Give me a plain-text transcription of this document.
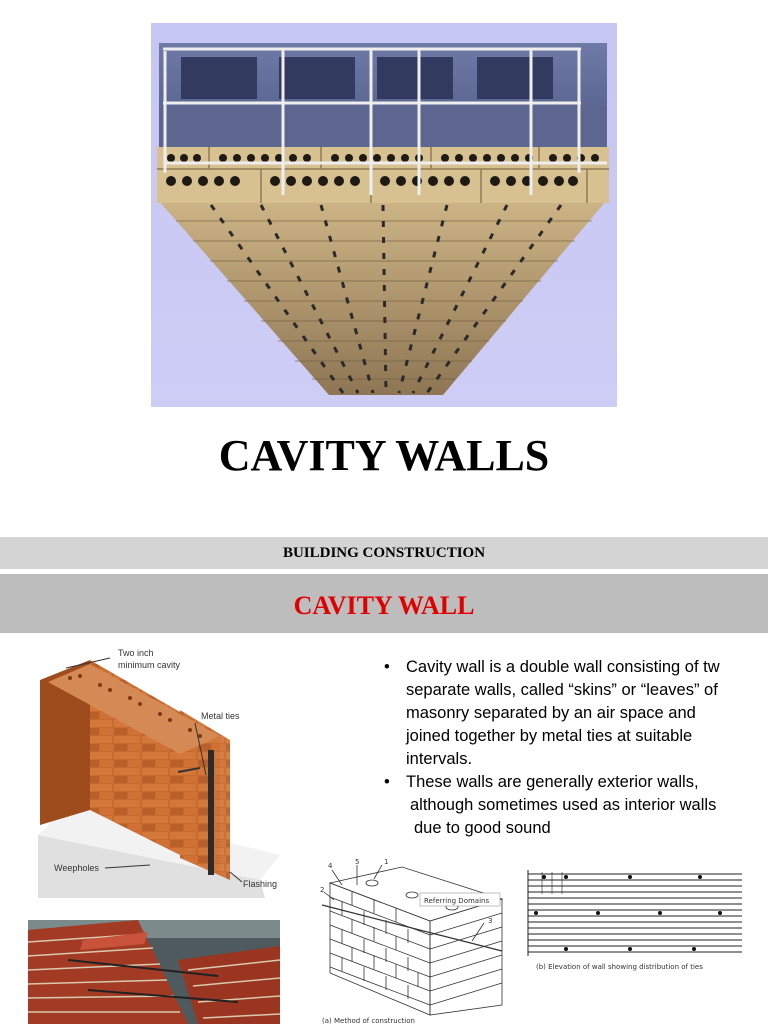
CAVITY WALLS
BUILDING CONSTRUCTION
CAVITY WALL
Two inch
minimum cavity
Metal ties
Weepholes
Flashing
• Cavity wall is a double wall consisting of tw
separate walls, called “skins” or “leaves” of
masonry separated by an air space and
joined together by metal ties at suitable
intervals.
• These walls are generally exterior walls,
although sometimes used as interior walls
due to good sound
Referring Domains
5	1
4
2
3
(a) Method of construction
(b) Elevation of wall showing distribution of ties
